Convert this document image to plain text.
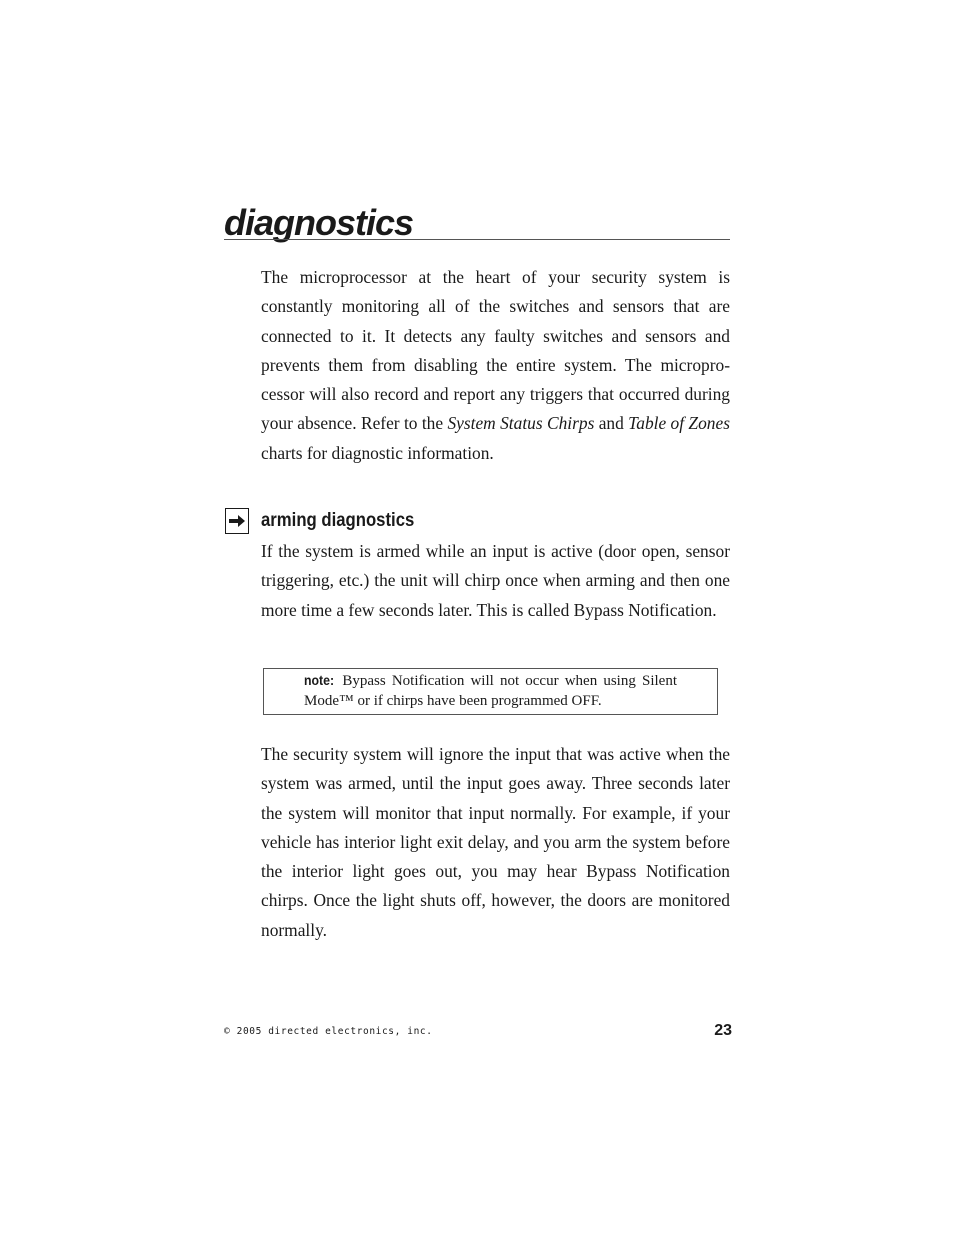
diagnostics

The microprocessor at the heart of your security system is constantly monitoring all of the switches and sensors that are connected to it. It detects any faulty switches and sensors and prevents them from disabling the entire system. The microprocessor will also record and report any triggers that occurred during your absence. Refer to the System Status Chirps and Table of Zones charts for diagnostic information.

arming diagnostics

If the system is armed while an input is active (door open, sensor triggering, etc.) the unit will chirp once when arming and then one more time a few seconds later. This is called Bypass Notification.

note: Bypass Notification will not occur when using Silent Mode™ or if chirps have been programmed OFF.

The security system will ignore the input that was active when the system was armed, until the input goes away. Three seconds later the system will monitor that input normally. For example, if your vehicle has interior light exit delay, and you arm the system before the interior light goes out, you may hear Bypass Notification chirps. Once the light shuts off, however, the doors are monitored normally.

© 2005 directed electronics, inc.	23
